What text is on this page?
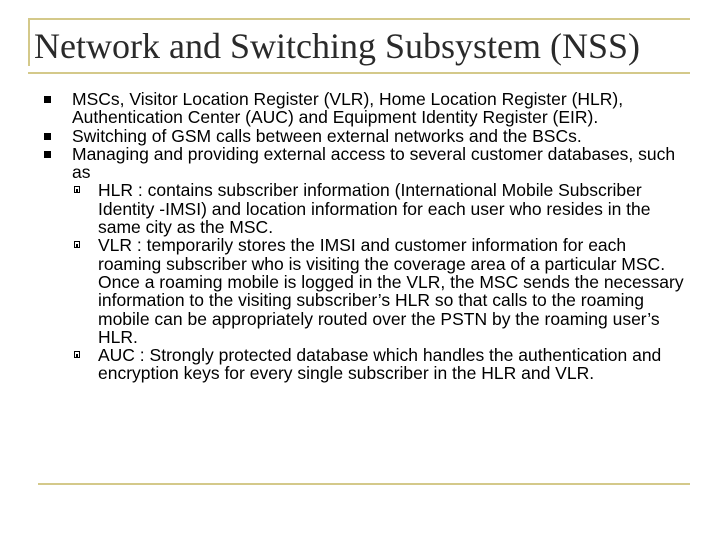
Network and Switching Subsystem (NSS)
MSCs, Visitor Location Register (VLR), Home Location Register (HLR), Authentication Center (AUC) and Equipment Identity Register (EIR).
Switching of GSM calls between external networks and the BSCs.
Managing and providing external access to several customer databases, such as
HLR : contains subscriber information (International Mobile Subscriber Identity -IMSI) and location information for each user who resides in the same city as the MSC.
VLR : temporarily stores the IMSI and customer information for each roaming subscriber who is visiting the coverage area of a particular MSC. Once a roaming mobile is logged in the VLR, the MSC sends the necessary information to the visiting subscriber’s HLR so that calls to the roaming mobile can be appropriately routed over the PSTN by the roaming user’s HLR.
AUC : Strongly protected database which handles the authentication and encryption keys for every single subscriber in the HLR and VLR.
